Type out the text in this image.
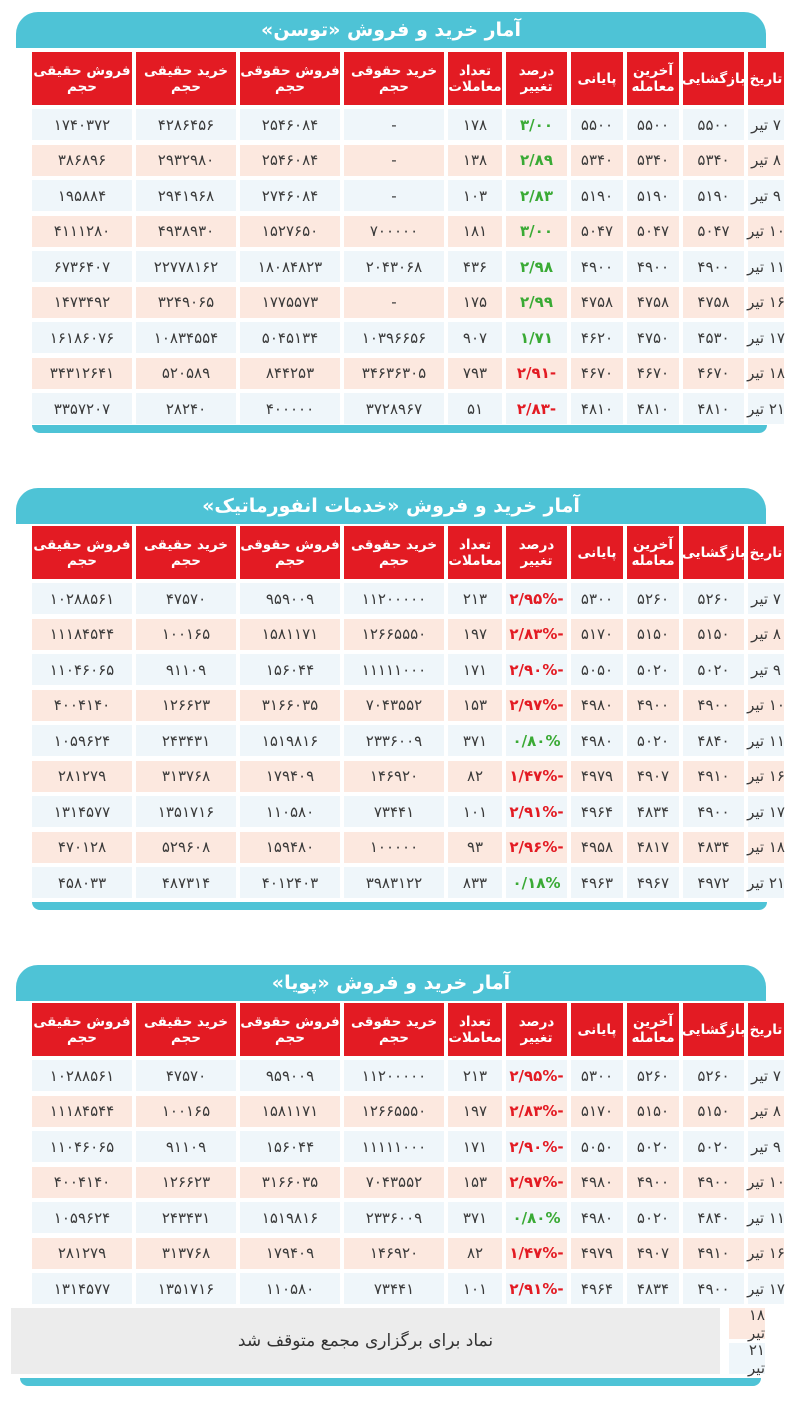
آمار خرید و فروش «توسن»
تاریخ
بازگشایی
آخرین
معامله
پایانی
درصد
تغییر
تعداد
معاملات
خرید حقوقی
حجم
فروش حقوقی
حجم
خرید حقیقی
حجم
فروش حقیقی
حجم
۷ تیر
۵۵۰۰
۵۵۰۰
۵۵۰۰
۳/۰۰
۱۷۸
-
۲۵۴۶۰۸۴
۴۲۸۶۴۵۶
۱۷۴۰۳۷۲
۸ تیر
۵۳۴۰
۵۳۴۰
۵۳۴۰
۲/۸۹
۱۳۸
-
۲۵۴۶۰۸۴
۲۹۳۲۹۸۰
۳۸۶۸۹۶
۹ تیر
۵۱۹۰
۵۱۹۰
۵۱۹۰
۲/۸۳
۱۰۳
-
۲۷۴۶۰۸۴
۲۹۴۱۹۶۸
۱۹۵۸۸۴
۱۰ تیر
۵۰۴۷
۵۰۴۷
۵۰۴۷
۳/۰۰
۱۸۱
۷۰۰۰۰۰
۱۵۲۷۶۵۰
۴۹۳۸۹۳۰
۴۱۱۱۲۸۰
۱۱ تیر
۴۹۰۰
۴۹۰۰
۴۹۰۰
۲/۹۸
۴۳۶
۲۰۴۳۰۶۸
۱۸۰۸۴۸۲۳
۲۲۷۷۸۱۶۲
۶۷۳۶۴۰۷
۱۶ تیر
۴۷۵۸
۴۷۵۸
۴۷۵۸
۲/۹۹
۱۷۵
-
۱۷۷۵۵۷۳
۳۲۴۹۰۶۵
۱۴۷۳۴۹۲
۱۷ تیر
۴۵۳۰
۴۷۵۰
۴۶۲۰
۱/۷۱
۹۰۷
۱۰۳۹۶۶۵۶
۵۰۴۵۱۳۴
۱۰۸۳۴۵۵۴
۱۶۱۸۶۰۷۶
۱۸ تیر
۴۶۷۰
۴۶۷۰
۴۶۷۰
-۲/۹۱
۷۹۳
۳۴۶۳۶۳۰۵
۸۴۴۲۵۳
۵۲۰۵۸۹
۳۴۳۱۲۶۴۱
۲۱ تیر
۴۸۱۰
۴۸۱۰
۴۸۱۰
-۲/۸۳
۵۱
۳۷۲۸۹۶۷
۴۰۰۰۰۰
۲۸۲۴۰
۳۳۵۷۲۰۷
آمار خرید و فروش «خدمات انفورماتیک»
تاریخ
بازگشایی
آخرین
معامله
پایانی
درصد
تغییر
تعداد
معاملات
خرید حقوقی
حجم
فروش حقوقی
حجم
خرید حقیقی
حجم
فروش حقیقی
حجم
۷ تیر
۵۲۶۰
۵۲۶۰
۵۳۰۰
-۲/۹۵%
۲۱۳
۱۱۲۰۰۰۰۰
۹۵۹۰۰۹
۴۷۵۷۰
۱۰۲۸۸۵۶۱
۸ تیر
۵۱۵۰
۵۱۵۰
۵۱۷۰
-۲/۸۳%
۱۹۷
۱۲۶۶۵۵۵۰
۱۵۸۱۱۷۱
۱۰۰۱۶۵
۱۱۱۸۴۵۴۴
۹ تیر
۵۰۲۰
۵۰۲۰
۵۰۵۰
-۲/۹۰%
۱۷۱
۱۱۱۱۱۰۰۰
۱۵۶۰۴۴
۹۱۱۰۹
۱۱۰۴۶۰۶۵
۱۰ تیر
۴۹۰۰
۴۹۰۰
۴۹۸۰
-۲/۹۷%
۱۵۳
۷۰۴۳۵۵۲
۳۱۶۶۰۳۵
۱۲۶۶۲۳
۴۰۰۴۱۴۰
۱۱ تیر
۴۸۴۰
۵۰۲۰
۴۹۸۰
۰/۸۰%
۳۷۱
۲۳۳۶۰۰۹
۱۵۱۹۸۱۶
۲۴۳۴۳۱
۱۰۵۹۶۲۴
۱۶ تیر
۴۹۱۰
۴۹۰۷
۴۹۷۹
-۱/۴۷%
۸۲
۱۴۶۹۲۰
۱۷۹۴۰۹
۳۱۳۷۶۸
۲۸۱۲۷۹
۱۷ تیر
۴۹۰۰
۴۸۳۴
۴۹۶۴
-۲/۹۱%
۱۰۱
۷۳۴۴۱
۱۱۰۵۸۰
۱۳۵۱۷۱۶
۱۳۱۴۵۷۷
۱۸ تیر
۴۸۳۴
۴۸۱۷
۴۹۵۸
-۲/۹۶%
۹۳
۱۰۰۰۰۰
۱۵۹۴۸۰
۵۲۹۶۰۸
۴۷۰۱۲۸
۲۱ تیر
۴۹۷۲
۴۹۶۷
۴۹۶۳
۰/۱۸%
۸۳۳
۳۹۸۳۱۲۲
۴۰۱۲۴۰۳
۴۸۷۳۱۴
۴۵۸۰۳۳
آمار خرید و فروش «پویا»
تاریخ
بازگشایی
آخرین
معامله
پایانی
درصد
تغییر
تعداد
معاملات
خرید حقوقی
حجم
فروش حقوقی
حجم
خرید حقیقی
حجم
فروش حقیقی
حجم
۷ تیر
۵۲۶۰
۵۲۶۰
۵۳۰۰
-۲/۹۵%
۲۱۳
۱۱۲۰۰۰۰۰
۹۵۹۰۰۹
۴۷۵۷۰
۱۰۲۸۸۵۶۱
۸ تیر
۵۱۵۰
۵۱۵۰
۵۱۷۰
-۲/۸۳%
۱۹۷
۱۲۶۶۵۵۵۰
۱۵۸۱۱۷۱
۱۰۰۱۶۵
۱۱۱۸۴۵۴۴
۹ تیر
۵۰۲۰
۵۰۲۰
۵۰۵۰
-۲/۹۰%
۱۷۱
۱۱۱۱۱۰۰۰
۱۵۶۰۴۴
۹۱۱۰۹
۱۱۰۴۶۰۶۵
۱۰ تیر
۴۹۰۰
۴۹۰۰
۴۹۸۰
-۲/۹۷%
۱۵۳
۷۰۴۳۵۵۲
۳۱۶۶۰۳۵
۱۲۶۶۲۳
۴۰۰۴۱۴۰
۱۱ تیر
۴۸۴۰
۵۰۲۰
۴۹۸۰
۰/۸۰%
۳۷۱
۲۳۳۶۰۰۹
۱۵۱۹۸۱۶
۲۴۳۴۳۱
۱۰۵۹۶۲۴
۱۶ تیر
۴۹۱۰
۴۹۰۷
۴۹۷۹
-۱/۴۷%
۸۲
۱۴۶۹۲۰
۱۷۹۴۰۹
۳۱۳۷۶۸
۲۸۱۲۷۹
۱۷ تیر
۴۹۰۰
۴۸۳۴
۴۹۶۴
-۲/۹۱%
۱۰۱
۷۳۴۴۱
۱۱۰۵۸۰
۱۳۵۱۷۱۶
۱۳۱۴۵۷۷
۱۸ تیر
۲۱ تیر
نماد برای برگزاری مجمع متوقف شد
